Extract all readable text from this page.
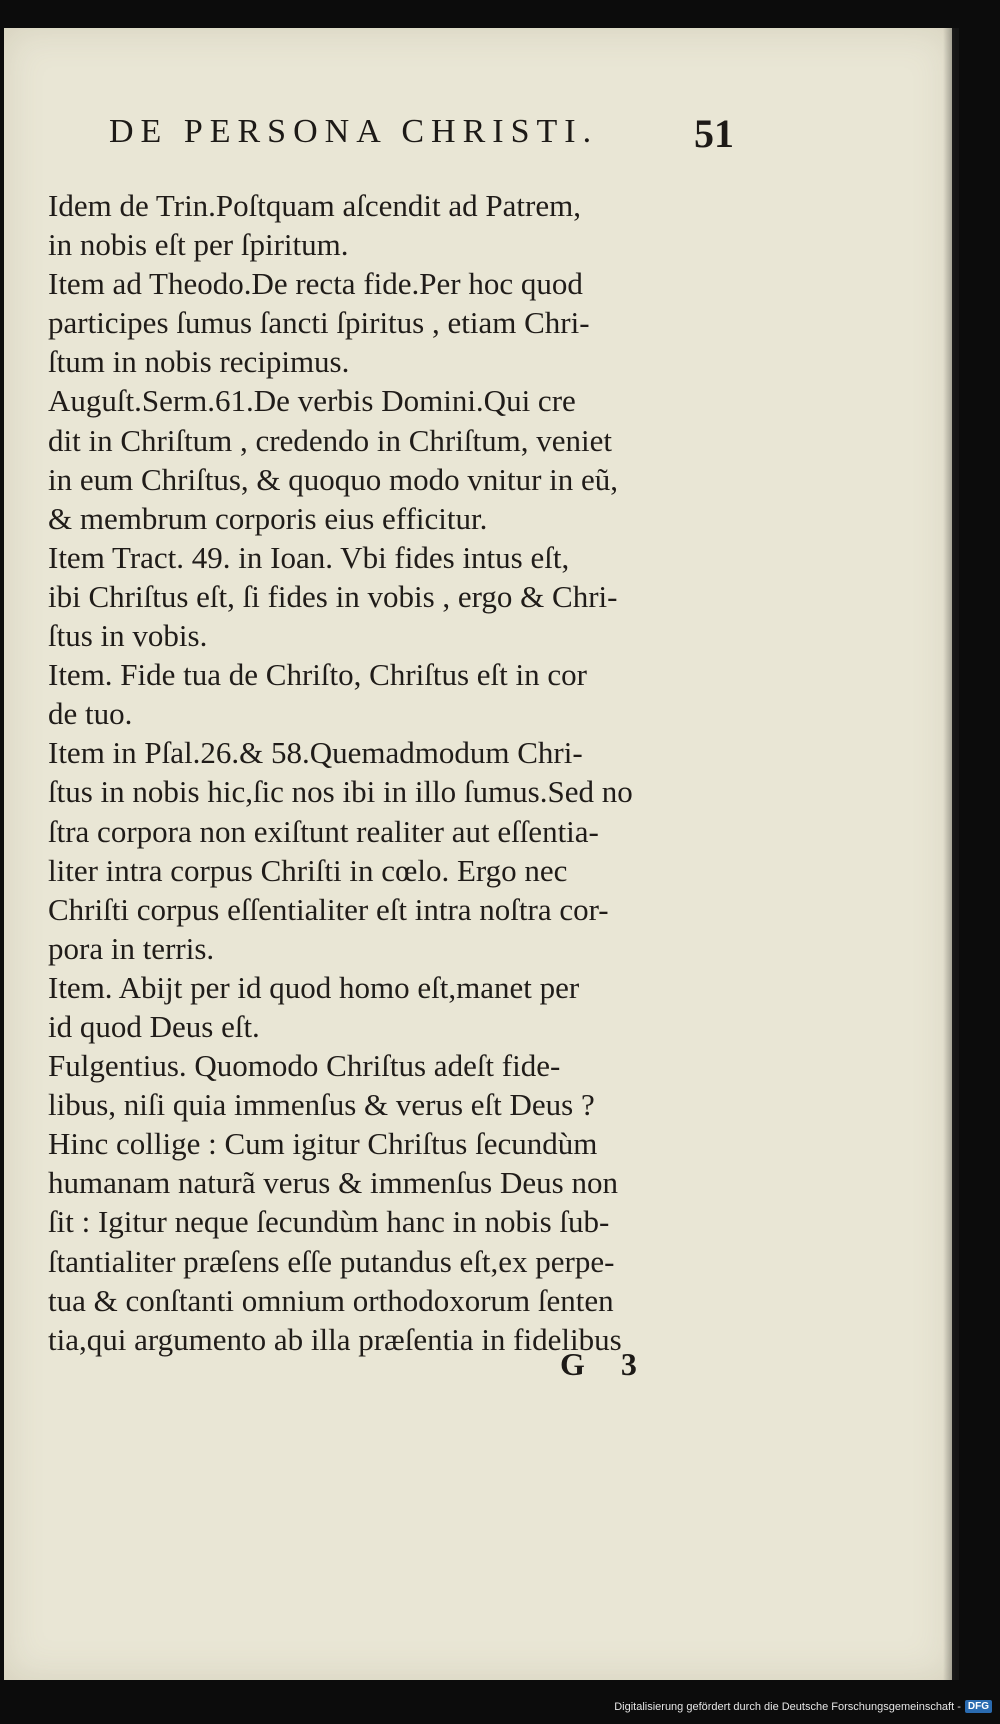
DE PERSONA CHRISTI.	51
Idem de Trin.Poſtquam aſcendit ad Patrem,
in nobis eſt per ſpiritum.
Item ad Theodo.De recta fide.Per hoc quod
participes ſumus ſancti ſpiritus , etiam Chri-
ſtum in nobis recipimus.
Auguſt.Serm.61.De verbis Domini.Qui cre
dit in Chriſtum , credendo in Chriſtum, veniet
in eum Chriſtus, & quoquo modo vnitur in eũ,
& membrum corporis eius efficitur.
Item Tract. 49. in Ioan. Vbi fides intus eſt,
ibi Chriſtus eſt, ſi fides in vobis , ergo & Chri-
ſtus in vobis.
Item. Fide tua de Chriſto, Chriſtus eſt in cor
de tuo.
Item in Pſal.26.& 58.Quemadmodum Chri-
ſtus in nobis hic,ſic nos ibi in illo ſumus.Sed no
ſtra corpora non exiſtunt realiter aut eſſentia-
liter intra corpus Chriſti in cœlo. Ergo nec
Chriſti corpus eſſentialiter eſt intra noſtra cor-
pora in terris.
Item. Abijt per id quod homo eſt,manet per
id quod Deus eſt.
Fulgentius. Quomodo Chriſtus adeſt fide-
libus, niſi quia immenſus & verus eſt Deus ?
Hinc collige : Cum igitur Chriſtus ſecundùm
humanam naturã verus & immenſus Deus non
ſit : Igitur neque ſecundùm hanc in nobis ſub-
ſtantialiter præſens eſſe putandus eſt,ex perpe-
tua & conſtanti omnium orthodoxorum ſenten
tia,qui argumento ab illa præſentia in fidelibus
G 3
Digitalisierung gefördert durch die Deutsche Forschungsgemeinschaft - DFG
